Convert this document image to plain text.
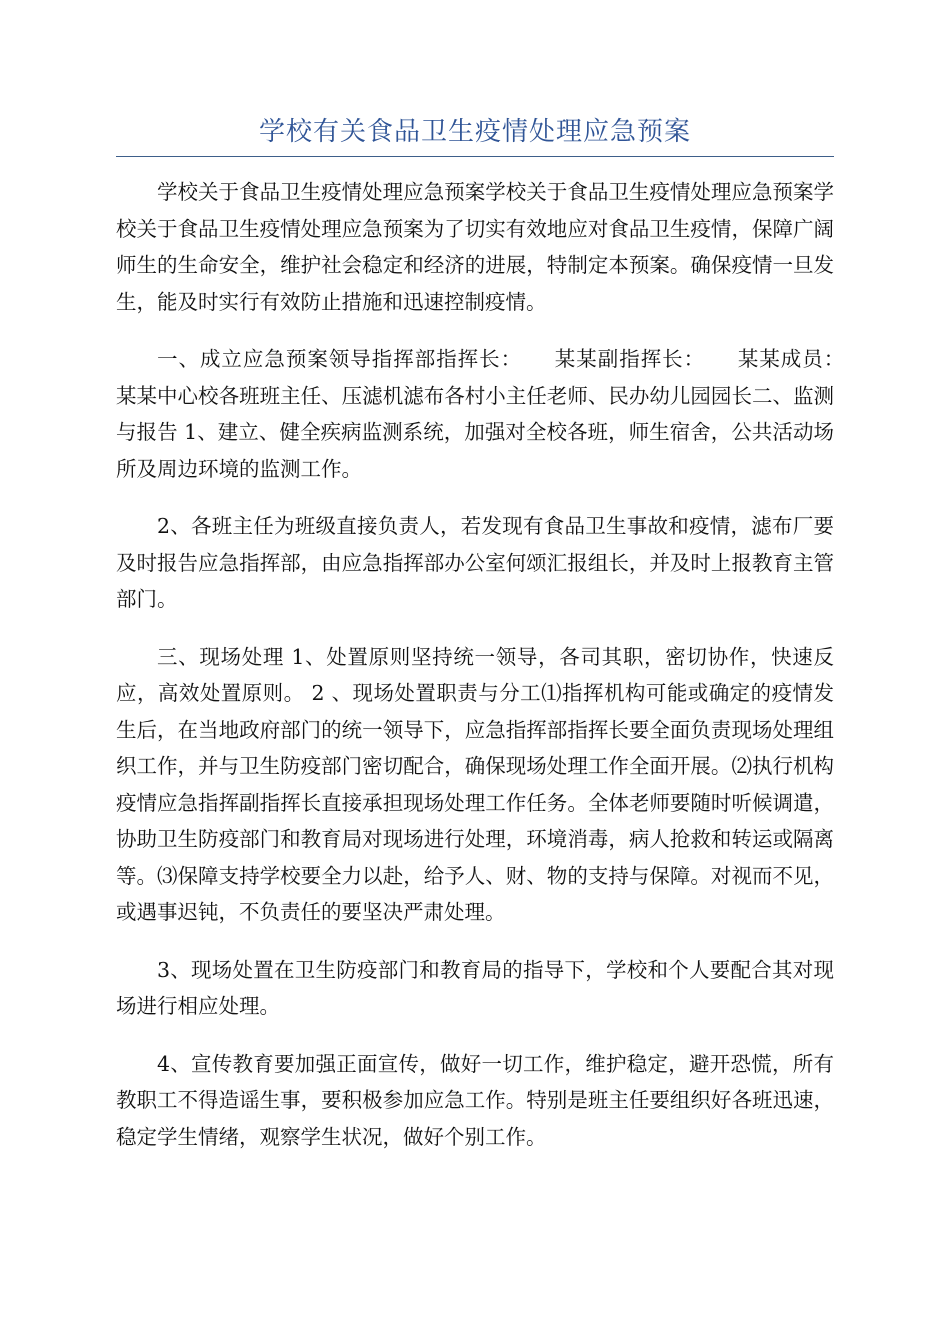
学校有关食品卫生疫情处理应急预案

学校关于食品卫生疫情处理应急预案学校关于食品卫生疫情处理应急预案学校关于食品卫生疫情处理应急预案为了切实有效地应对食品卫生疫情，保障广阔师生的生命安全，维护社会稳定和经济的进展，特制定本预案。确保疫情一旦发生，能及时实行有效防止措施和迅速控制疫情。

一、成立应急预案领导指挥部指挥长：　　某某副指挥长：　　某某成员：　　某某中心校各班班主任、压滤机滤布各村小主任老师、民办幼儿园园长二、监测与报告 1、建立、健全疾病监测系统，加强对全校各班，师生宿舍，公共活动场所及周边环境的监测工作。

2、各班主任为班级直接负责人，若发现有食品卫生事故和疫情，滤布厂要及时报告应急指挥部，由应急指挥部办公室何颂汇报组长，并及时上报教育主管部门。

三、现场处理 1、处置原则坚持统一领导，各司其职，密切协作，快速反应，高效处置原则。 2 、现场处置职责与分工⑴指挥机构可能或确定的疫情发生后，在当地政府部门的统一领导下，应急指挥部指挥长要全面负责现场处理组织工作，并与卫生防疫部门密切配合，确保现场处理工作全面开展。⑵执行机构疫情应急指挥副指挥长直接承担现场处理工作任务。全体老师要随时听候调遣，协助卫生防疫部门和教育局对现场进行处理，环境消毒，病人抢救和转运或隔离等。⑶保障支持学校要全力以赴，给予人、财、物的支持与保障。对视而不见，或遇事迟钝，不负责任的要坚决严肃处理。

3、现场处置在卫生防疫部门和教育局的指导下，学校和个人要配合其对现场进行相应处理。

4、宣传教育要加强正面宣传，做好一切工作，维护稳定，避开恐慌，所有教职工不得造谣生事，要积极参加应急工作。特别是班主任要组织好各班迅速，稳定学生情绪，观察学生状况，做好个别工作。
